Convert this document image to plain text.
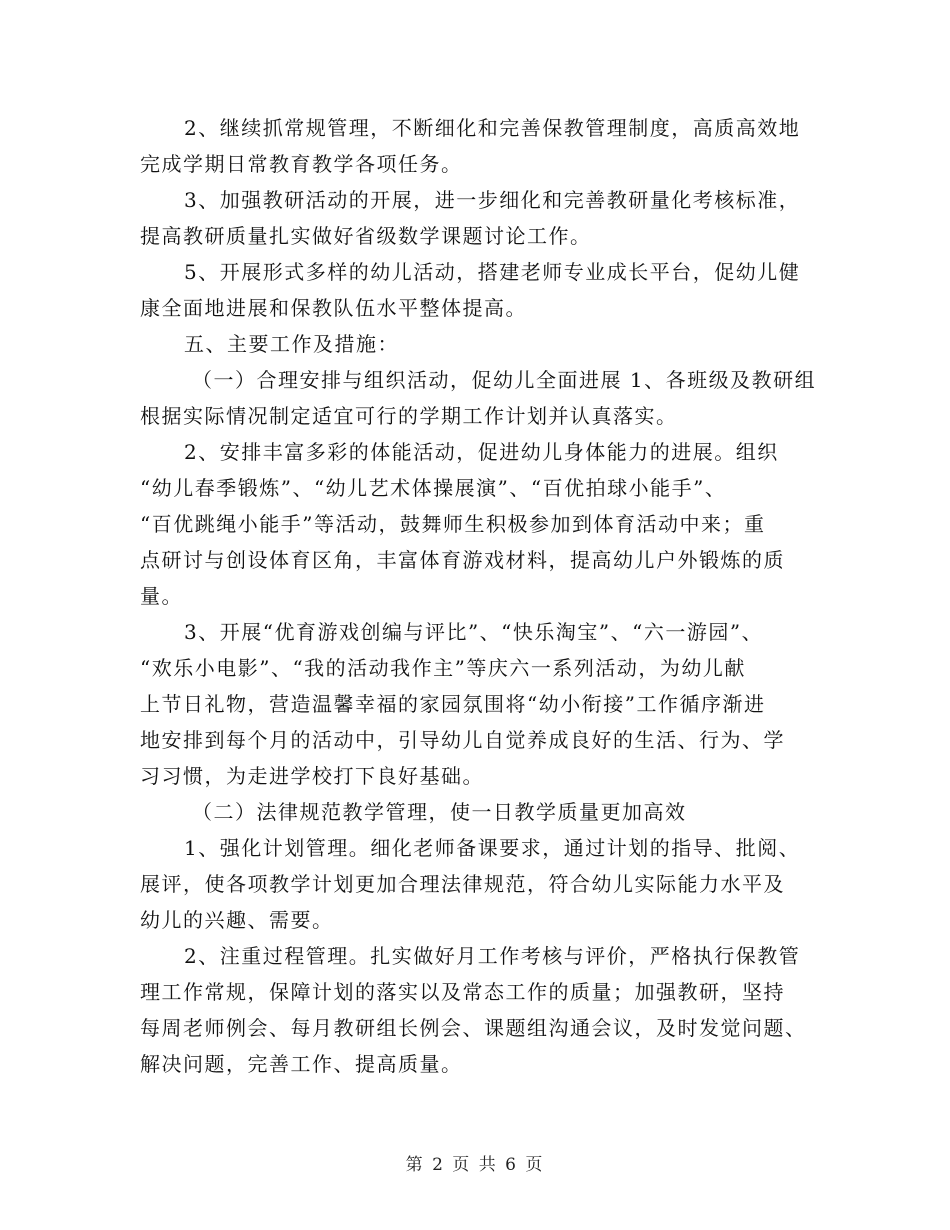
2、继续抓常规管理，不断细化和完善保教管理制度，高质高效地
完成学期日常教育教学各项任务。
3、加强教研活动的开展，进一步细化和完善教研量化考核标准，
提高教研质量扎实做好省级数学课题讨论工作。
5、开展形式多样的幼儿活动，搭建老师专业成长平台，促幼儿健
康全面地进展和保教队伍水平整体提高。
五、主要工作及措施：
（一）合理安排与组织活动，促幼儿全面进展 1、各班级及教研组
根据实际情况制定适宜可行的学期工作计划并认真落实。
2、安排丰富多彩的体能活动，促进幼儿身体能力的进展。组织
“幼儿春季锻炼”、“幼儿艺术体操展演”、“百优拍球小能手”、
“百优跳绳小能手”等活动，鼓舞师生积极参加到体育活动中来；重
点研讨与创设体育区角，丰富体育游戏材料，提高幼儿户外锻炼的质
量。
3、开展“优育游戏创编与评比”、“快乐淘宝”、“六一游园”、
“欢乐小电影”、“我的活动我作主”等庆六一系列活动，为幼儿献
上节日礼物，营造温馨幸福的家园氛围将“幼小衔接”工作循序渐进
地安排到每个月的活动中，引导幼儿自觉养成良好的生活、行为、学
习习惯，为走进学校打下良好基础。
（二）法律规范教学管理，使一日教学质量更加高效
1、强化计划管理。细化老师备课要求，通过计划的指导、批阅、
展评，使各项教学计划更加合理法律规范，符合幼儿实际能力水平及
幼儿的兴趣、需要。
2、注重过程管理。扎实做好月工作考核与评价，严格执行保教管
理工作常规，保障计划的落实以及常态工作的质量；加强教研，坚持
每周老师例会、每月教研组长例会、课题组沟通会议，及时发觉问题、
解决问题，完善工作、提高质量。
第 2 页 共 6 页
